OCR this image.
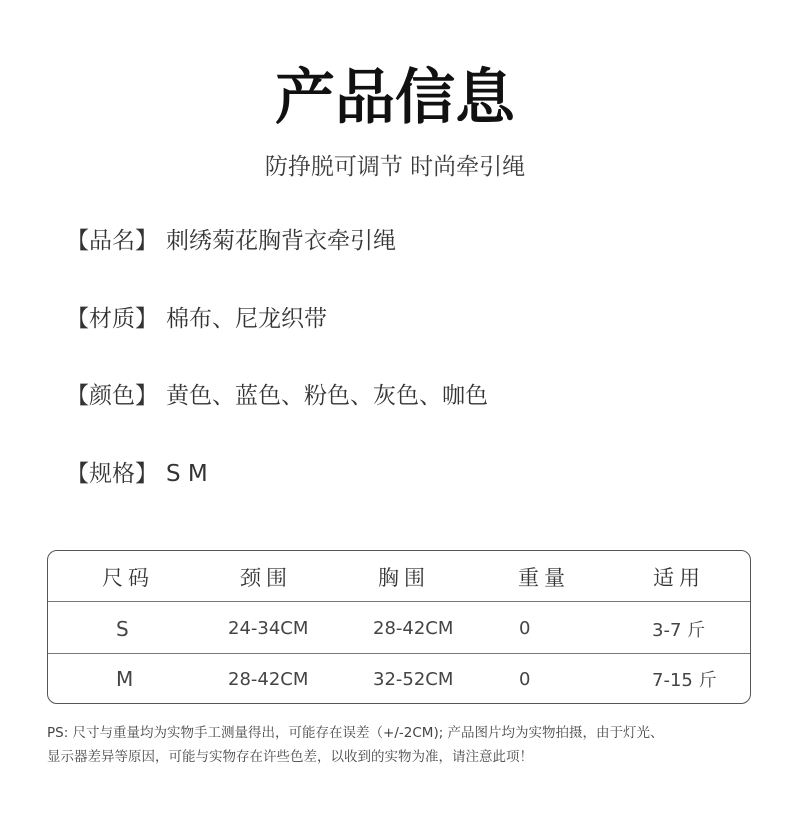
产品信息
防挣脱可调节 时尚牵引绳
【品名】 刺绣菊花胸背衣牵引绳
【材质】 棉布、尼龙织带
【颜色】 黄色、蓝色、粉色、灰色、咖色
【规格】 S M
尺码	颈围	胸围	重量	适用
S	24-34CM	28-42CM	0	3-7 斤
M	28-42CM	32-52CM	0	7-15 斤
PS: 尺寸与重量均为实物手工测量得出，可能存在误差（+/-2CM); 产品图片均为实物拍摄，由于灯光、
显示器差异等原因，可能与实物存在许些色差，以收到的实物为准，请注意此项！
